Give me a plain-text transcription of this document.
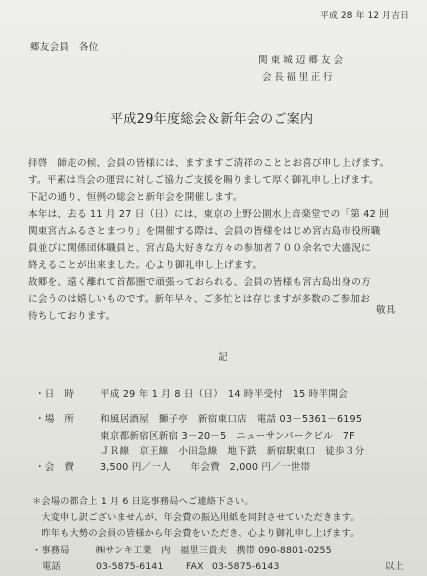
平成 28 年 12 月吉日
郷友会員　各位
関東城辺郷友会
会長福里正行
平成29年度総会＆新年会のご案内
拝啓　師走の候、会員の皆様には、ますますご清祥のこととお喜び申し上げます。
す。平素は当会の運営に対しご協力ご支援を賜りまして厚く御礼申し上げます。
下記の通り、恒例の総会と新年会を開催します。
本年は、去る 11 月 27 日（日）には、東京の上野公園水上音楽堂での「第 42 回
関東宮古ふるさとまつり」を開催する際は、会員の皆様をはじめ宮古島市役所職
員並びに関係団体職員と、宮古島大好きな方々の参加者７００余名で大盛況に
終えることが出来ました。心より御礼申し上げます。
故郷を、遠く離れて首都圏で頑張っておられる、会員の皆様も宮古島出身の方
に会うのは嬉しいものです。新年早々、ご多忙とは存じますが多数のご参加お
待ちしております。
敬具
記
・日　時	平成 29 年 1 月 8 日（日）　14 時半受付　15 時半開会
・場　所	和風居酒屋　獅子亭　新宿東口店　電話 03－5361－6195
東京都新宿区新宿 3－20－5　ニューサンパークビル　7F
ＪＲ線　京王線　小田急線　地下鉄　新宿駅東口　徒歩３分
・会　費	3,500 円／一人　　年会費　2,000 円／一世帯
＊会場の都合上 1 月 6 日迄事務局へご連絡下さい。
　大変申し訳ございませんが、年会費の振込用紙を同封させていただきます。
　昨年も大勢の会員の皆様から年会費をいただき、心より御礼申し上げます。
・事務局	㈱サンキ工業　内　福里三貴夫　携帯 090-8801-0255
電話	03-5875-6141 FAX 03-5875-6143	以上
